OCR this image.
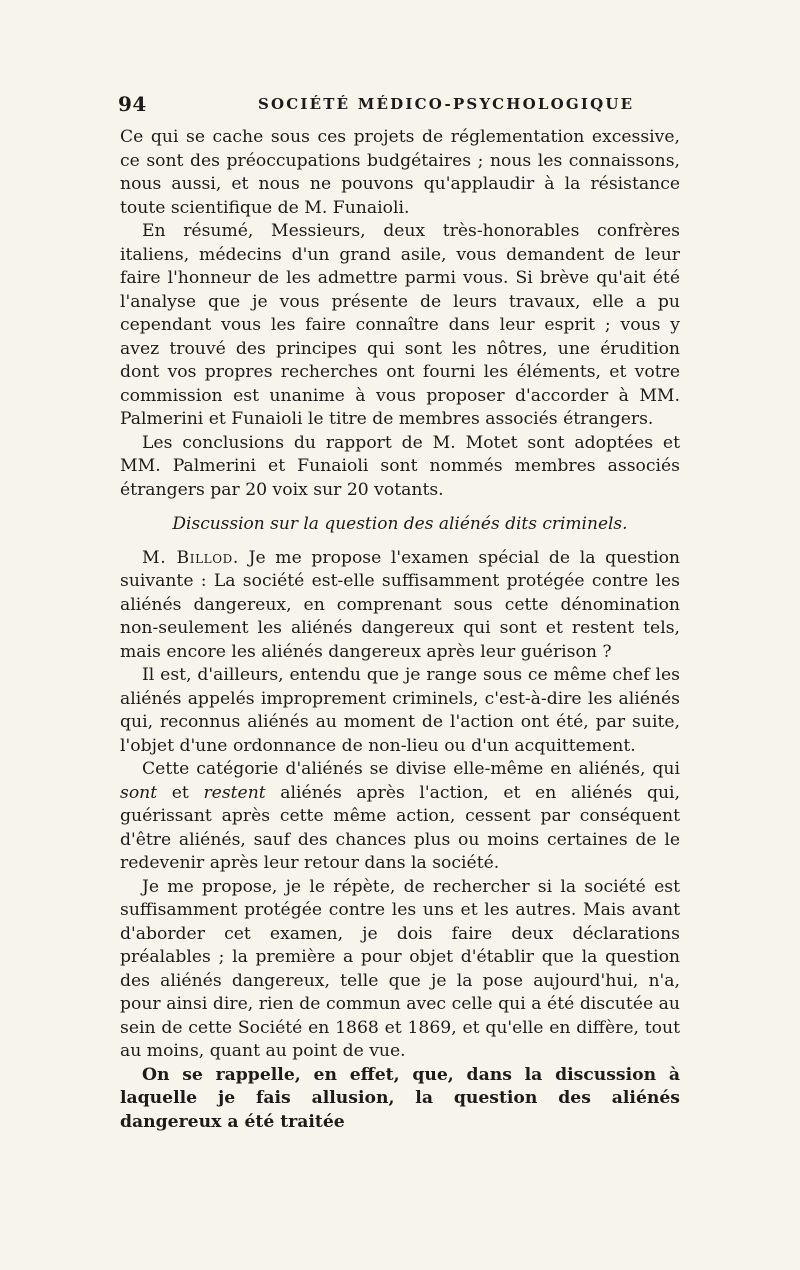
94	SOCIÉTÉ MÉDICO-PSYCHOLOGIQUE

Ce qui se cache sous ces projets de réglementation excessive, ce sont des préoccupations budgétaires ; nous les connaissons, nous aussi, et nous ne pouvons qu'applaudir à la résistance toute scientifique de M. Funaioli.

En résumé, Messieurs, deux très-honorables confrères italiens, médecins d'un grand asile, vous demandent de leur faire l'honneur de les admettre parmi vous. Si brève qu'ait été l'analyse que je vous présente de leurs travaux, elle a pu cependant vous les faire connaître dans leur esprit ; vous y avez trouvé des principes qui sont les nôtres, une érudition dont vos propres recherches ont fourni les éléments, et votre commission est unanime à vous proposer d'accorder à MM. Palmerini et Funaioli le titre de membres associés étrangers.

Les conclusions du rapport de M. Motet sont adoptées et MM. Palmerini et Funaioli sont nommés membres associés étrangers par 20 voix sur 20 votants.

Discussion sur la question des aliénés dits criminels.

M. Billod. Je me propose l'examen spécial de la question suivante : La société est-elle suffisamment protégée contre les aliénés dangereux, en comprenant sous cette dénomination non-seulement les aliénés dangereux qui sont et restent tels, mais encore les aliénés dangereux après leur guérison ?

Il est, d'ailleurs, entendu que je range sous ce même chef les aliénés appelés improprement criminels, c'est-à-dire les aliénés qui, reconnus aliénés au moment de l'action ont été, par suite, l'objet d'une ordonnance de non-lieu ou d'un acquittement.

Cette catégorie d'aliénés se divise elle-même en aliénés, qui sont et restent aliénés après l'action, et en aliénés qui, guérissant après cette même action, cessent par conséquent d'être aliénés, sauf des chances plus ou moins certaines de le redevenir après leur retour dans la société.

Je me propose, je le répète, de rechercher si la société est suffisamment protégée contre les uns et les autres. Mais avant d'aborder cet examen, je dois faire deux déclarations préalables ; la première a pour objet d'établir que la question des aliénés dangereux, telle que je la pose aujourd'hui, n'a, pour ainsi dire, rien de commun avec celle qui a été discutée au sein de cette Société en 1868 et 1869, et qu'elle en diffère, tout au moins, quant au point de vue.

On se rappelle, en effet, que, dans la discussion à laquelle je fais allusion, la question des aliénés dangereux a été traitée
